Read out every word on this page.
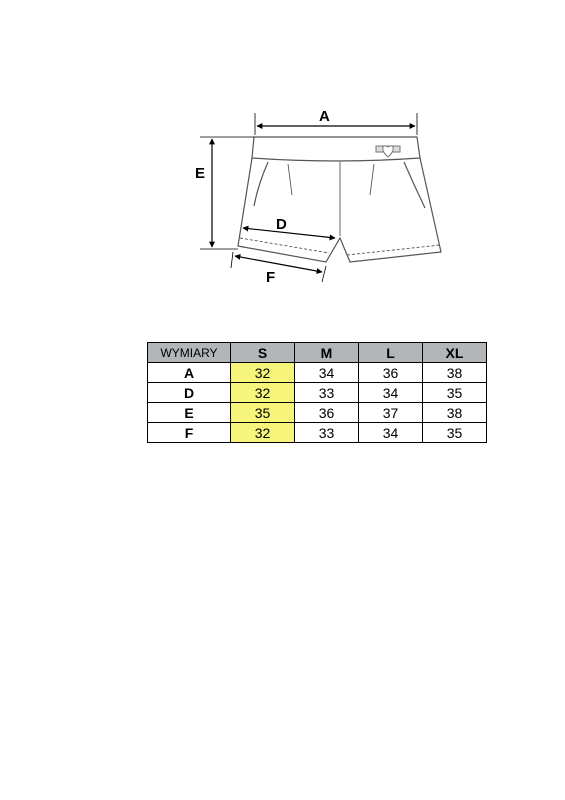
A
E
D
F
WYMIARY	S	M	L	XL
A	32	34	36	38
D	32	33	34	35
E	35	36	37	38
F	32	33	34	35
